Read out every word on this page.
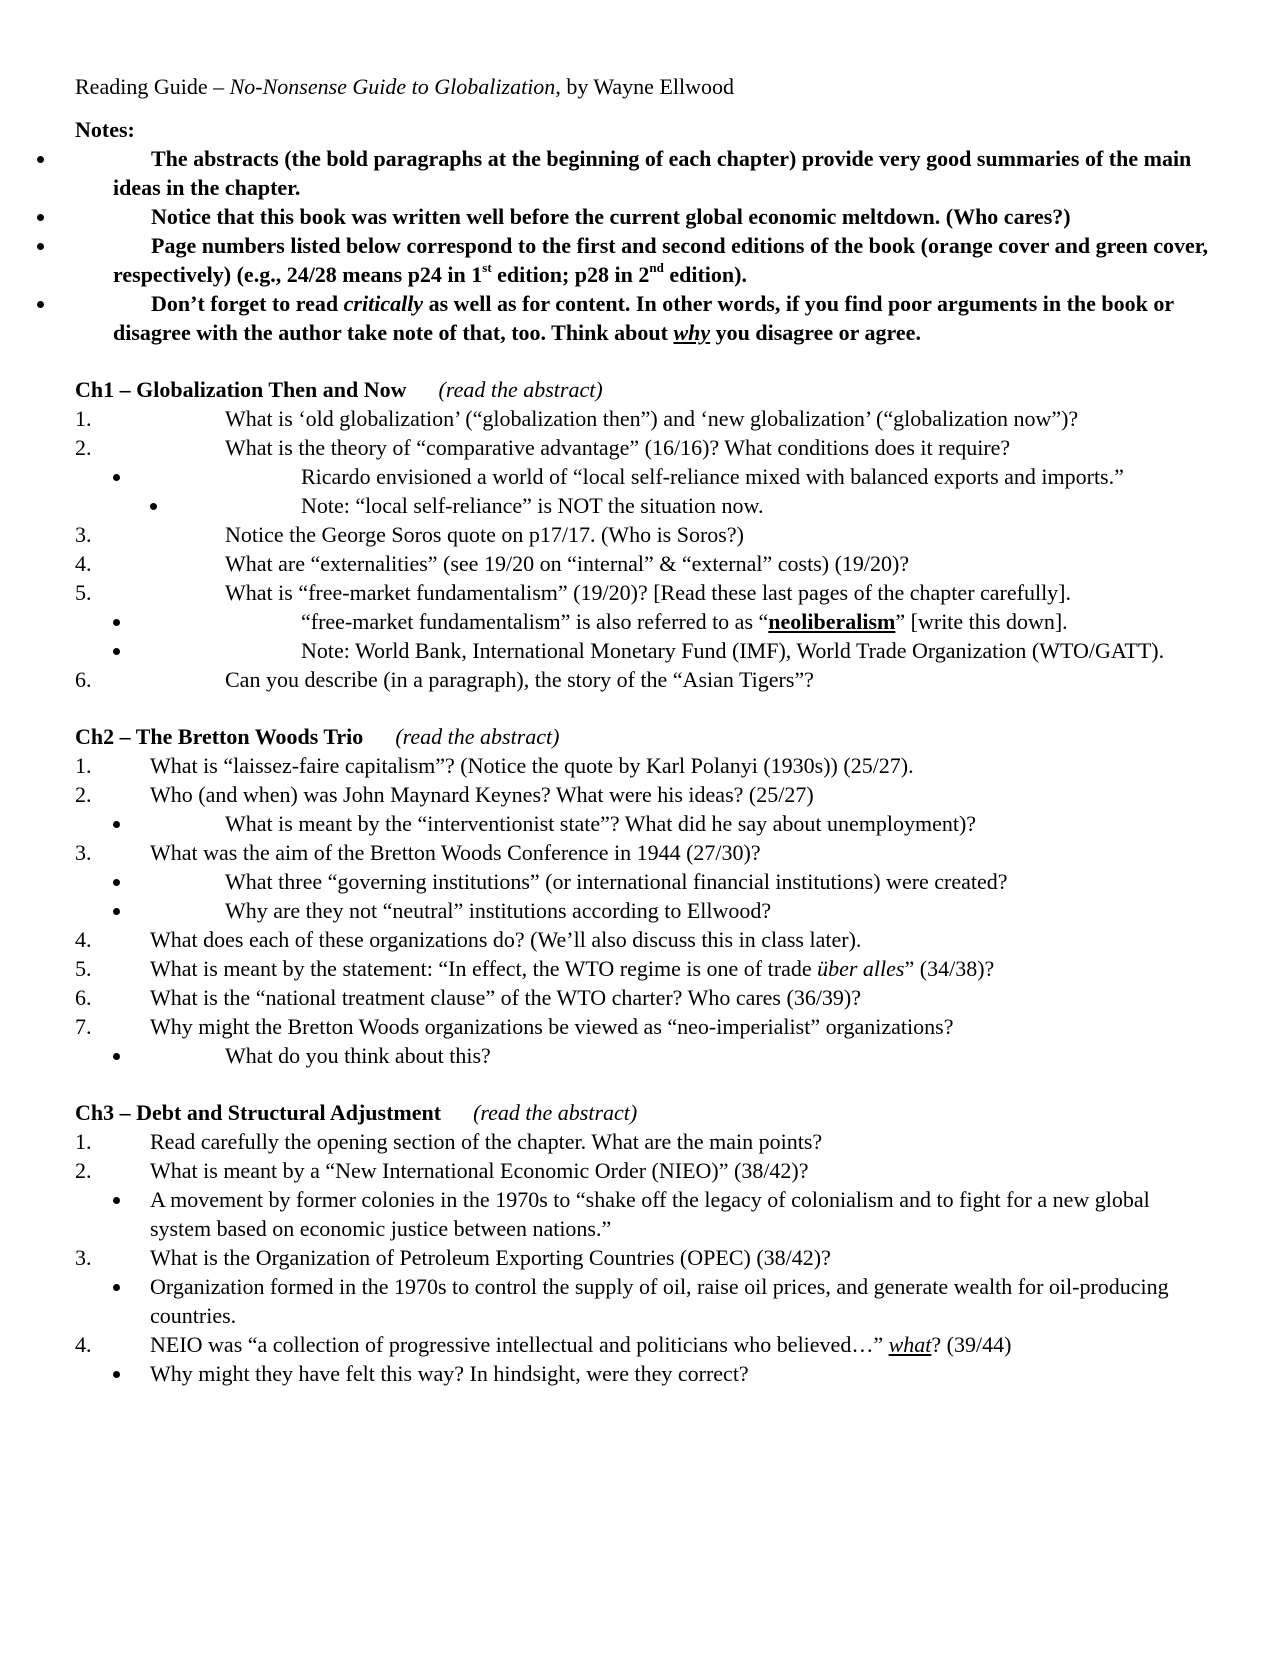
Reading Guide – No-Nonsense Guide to Globalization, by Wayne Ellwood
Notes:
The abstracts (the bold paragraphs at the beginning of each chapter) provide very good summaries of the main ideas in the chapter.
Notice that this book was written well before the current global economic meltdown. (Who cares?)
Page numbers listed below correspond to the first and second editions of the book (orange cover and green cover, respectively) (e.g., 24/28 means p24 in 1st edition; p28 in 2nd edition).
Don’t forget to read critically as well as for content. In other words, if you find poor arguments in the book or disagree with the author take note of that, too. Think about why you disagree or agree.
Ch1 – Globalization Then and Now (read the abstract)
1.	What is ‘old globalization’ (“globalization then”) and ‘new globalization’ (“globalization now”)?
2.	What is the theory of “comparative advantage” (16/16)? What conditions does it require?
Ricardo envisioned a world of “local self-reliance mixed with balanced exports and imports.”
Note: “local self-reliance” is NOT the situation now.
3.	Notice the George Soros quote on p17/17. (Who is Soros?)
4.	What are “externalities” (see 19/20 on “internal” & “external” costs) (19/20)?
5.	What is “free-market fundamentalism” (19/20)? [Read these last pages of the chapter carefully].
“free-market fundamentalism” is also referred to as “neoliberalism” [write this down].
Note: World Bank, International Monetary Fund (IMF), World Trade Organization (WTO/GATT).
6.	Can you describe (in a paragraph), the story of the “Asian Tigers”?
Ch2 – The Bretton Woods Trio (read the abstract)
1.	What is “laissez-faire capitalism”? (Notice the quote by Karl Polanyi (1930s)) (25/27).
2.	Who (and when) was John Maynard Keynes? What were his ideas? (25/27)
What is meant by the “interventionist state”? What did he say about unemployment)?
3.	What was the aim of the Bretton Woods Conference in 1944 (27/30)?
What three “governing institutions” (or international financial institutions) were created?
Why are they not “neutral” institutions according to Ellwood?
4.	What does each of these organizations do? (We’ll also discuss this in class later).
5.	What is meant by the statement: “In effect, the WTO regime is one of trade über alles” (34/38)?
6.	What is the “national treatment clause” of the WTO charter? Who cares (36/39)?
7.	Why might the Bretton Woods organizations be viewed as “neo-imperialist” organizations?
What do you think about this?
Ch3 – Debt and Structural Adjustment (read the abstract)
1.	Read carefully the opening section of the chapter. What are the main points?
2.	What is meant by a “New International Economic Order (NIEO)” (38/42)?
A movement by former colonies in the 1970s to “shake off the legacy of colonialism and to fight for a new global system based on economic justice between nations.”
3.	What is the Organization of Petroleum Exporting Countries (OPEC) (38/42)?
Organization formed in the 1970s to control the supply of oil, raise oil prices, and generate wealth for oil-producing countries.
4.	NEIO was “a collection of progressive intellectual and politicians who believed…” what? (39/44)
Why might they have felt this way? In hindsight, were they correct?
